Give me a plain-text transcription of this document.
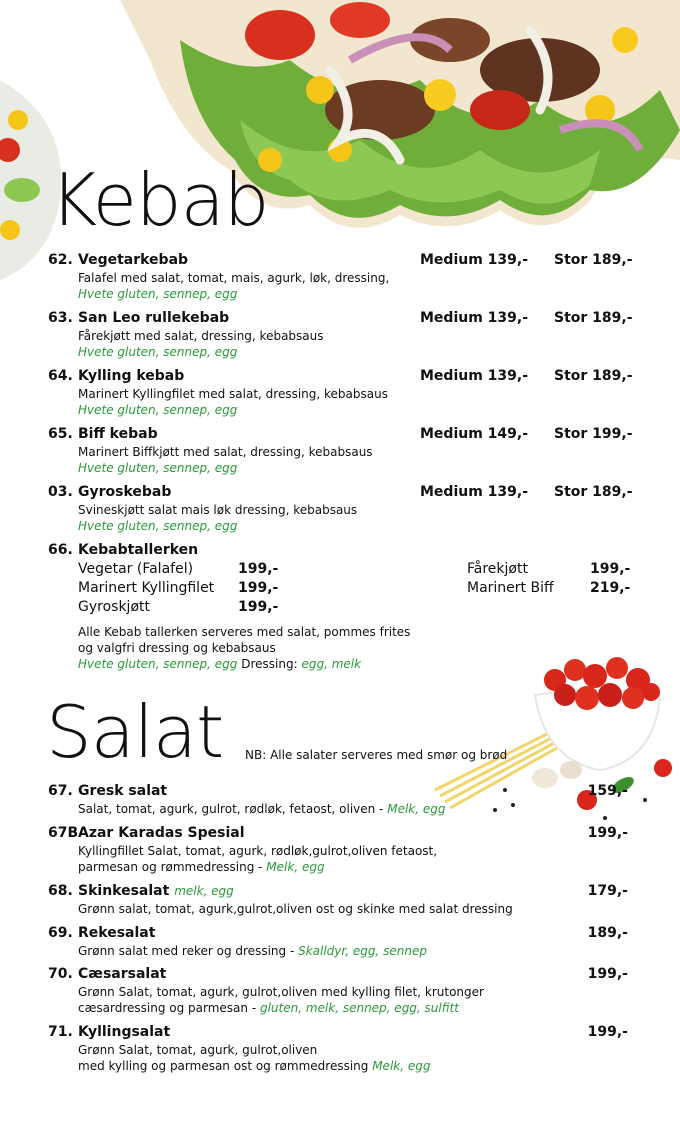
Kebab
62. Vegetarkebab	Medium 139,- Stor 189,-
Falafel med salat, tomat, mais, agurk, løk, dressing,
Hvete gluten, sennep, egg
63. San Leo rullekebab	Medium 139,- Stor 189,-
Fårekjøtt med salat, dressing, kebabsaus
Hvete gluten, sennep, egg
64. Kylling kebab	Medium 139,- Stor 189,-
Marinert Kyllingfilet med salat, dressing, kebabsaus
Hvete gluten, sennep, egg
65. Biff kebab	Medium 149,- Stor 199,-
Marinert Biffkjøtt med salat, dressing, kebabsaus
Hvete gluten, sennep, egg
03. Gyroskebab	Medium 139,- Stor 189,-
Svineskjøtt salat mais løk dressing, kebabsaus
Hvete gluten, sennep, egg
66. Kebabtallerken
Vegetar (Falafel)	199,-
Marinert Kyllingfilet 199,-
Gyroskjøtt	199,-
Fårekjøtt	199,-
Marinert Biff	219,-
Alle Kebab tallerken serveres med salat, pommes frites
og valgfri dressing og kebabsaus
Hvete gluten, sennep, egg Dressing: egg, melk
Salat NB: Alle salater serveres med smør og brød
67. Gresk salat	159,-
Salat, tomat, agurk, gulrot, rødløk, fetaost, oliven - Melk, egg
67B Azar Karadas Spesial	199,-
Kyllingfillet Salat, tomat, agurk, rødløk,gulrot,oliven fetaost,
parmesan og rømmedressing - Melk, egg
68. Skinkesalat melk, egg	179,-
Grønn salat, tomat, agurk,gulrot,oliven ost og skinke med salat dressing
69. Rekesalat	189,-
Grønn salat med reker og dressing - Skalldyr, egg, sennep
70. Cæsarsalat	199,-
Grønn Salat, tomat, agurk, gulrot,oliven med kylling filet, krutonger
cæsardressing og parmesan - gluten, melk, sennep, egg, sulfitt
71. Kyllingsalat	199,-
Grønn Salat, tomat, agurk, gulrot,oliven
med kylling og parmesan ost og rømmedressing Melk, egg
